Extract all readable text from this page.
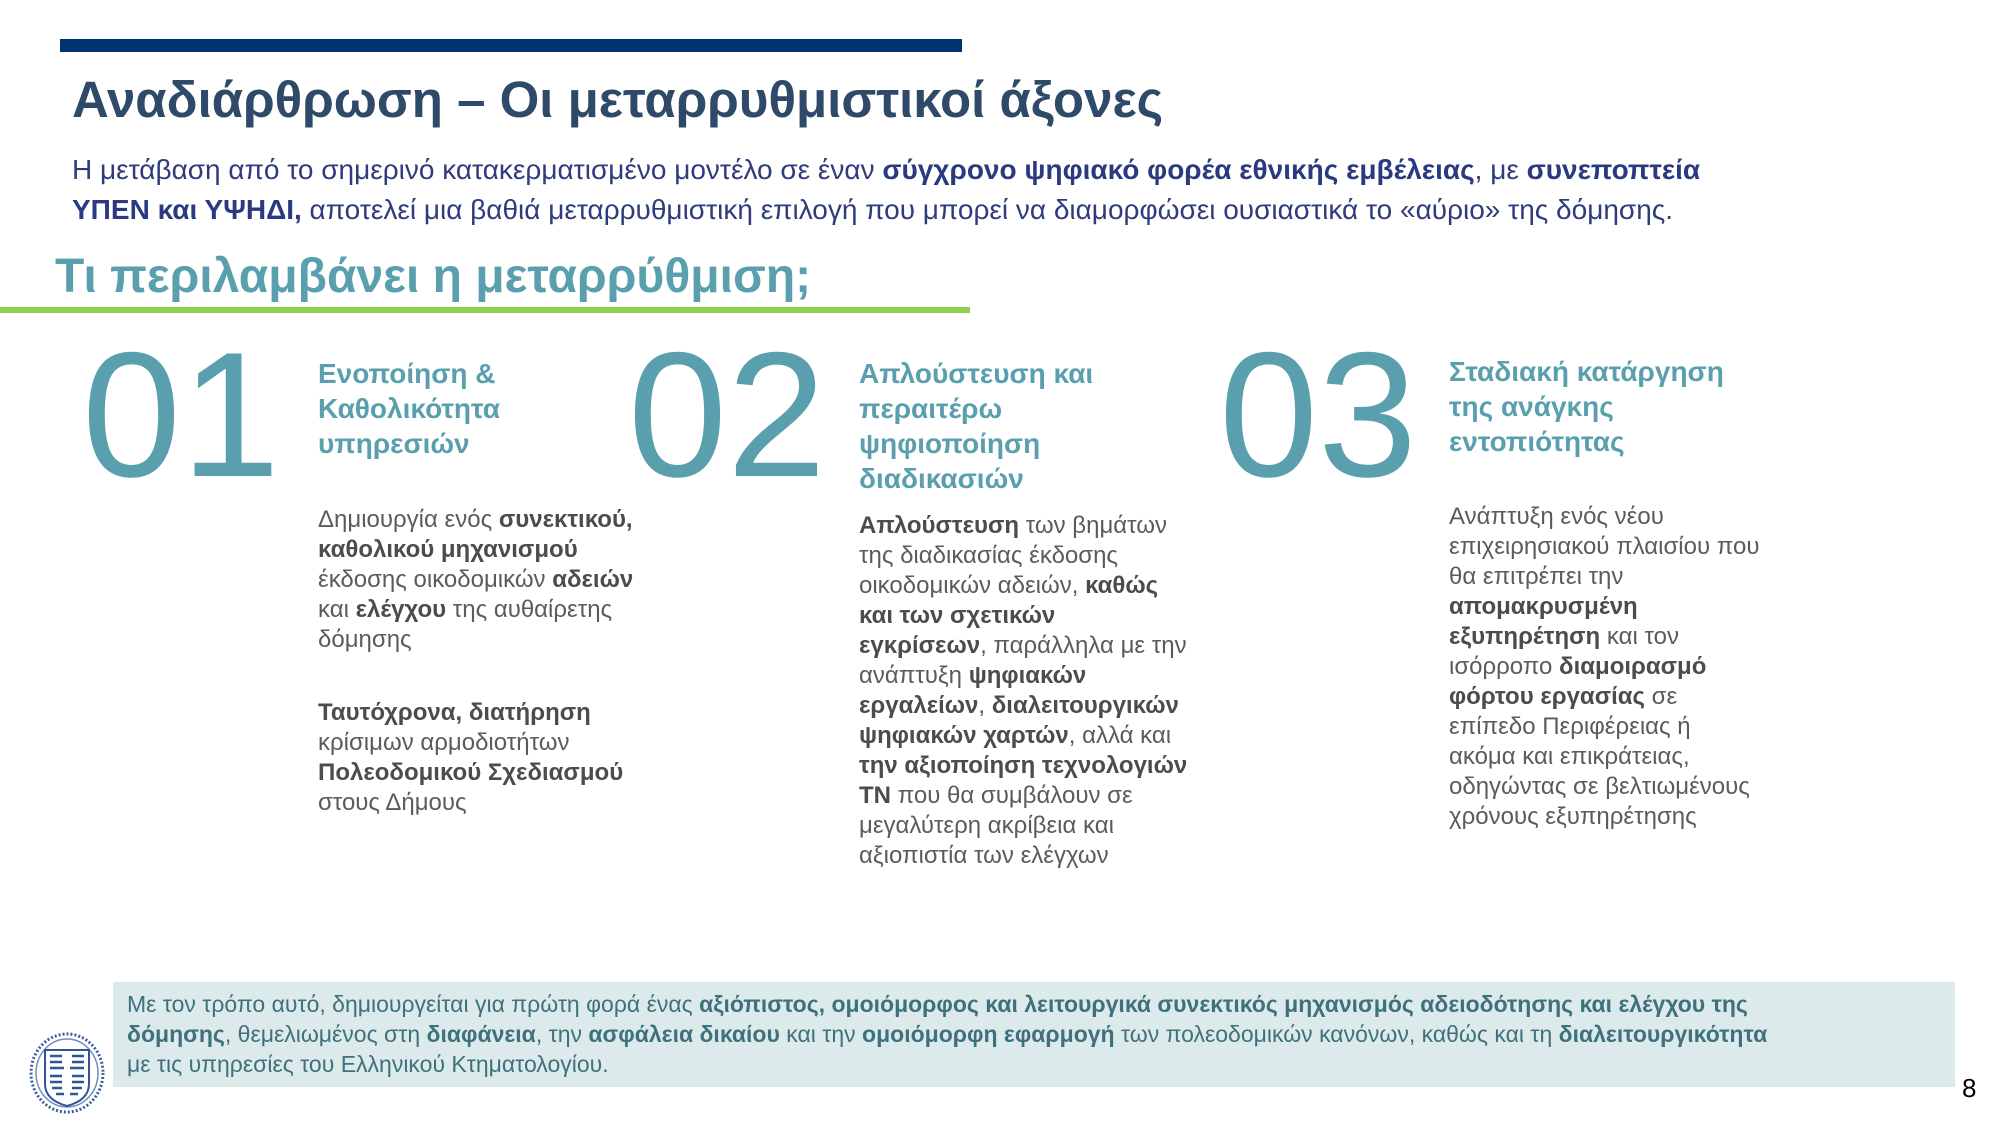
Αναδιάρθρωση – Οι μεταρρυθμιστικοί άξονες
Η μετάβαση από το σημερινό κατακερματισμένο μοντέλο σε έναν σύγχρονο ψηφιακό φορέα εθνικής εμβέλειας, με συνεποπτεία
ΥΠΕΝ και ΥΨΗΔΙ, αποτελεί μια βαθιά μεταρρυθμιστική επιλογή που μπορεί να διαμορφώσει ουσιαστικά το «αύριο» της δόμησης.
Τι περιλαμβάνει η μεταρρύθμιση;
01 Ενοποίηση &
Καθολικότητα
υπηρεσιών
Δημιουργία ενός συνεκτικού,
καθολικού μηχανισμού
έκδοσης οικοδομικών αδειών
και ελέγχου της αυθαίρετης
δόμησης
Ταυτόχρονα, διατήρηση
κρίσιμων αρμοδιοτήτων
Πολεοδομικού Σχεδιασμού
στους Δήμους
02 Απλούστευση και
περαιτέρω
ψηφιοποίηση
διαδικασιών
Απλούστευση των βημάτων
της διαδικασίας έκδοσης
οικοδομικών αδειών, καθώς
και των σχετικών
εγκρίσεων, παράλληλα με την
ανάπτυξη ψηφιακών
εργαλείων, διαλειτουργικών
ψηφιακών χαρτών, αλλά και
την αξιοποίηση τεχνολογιών
ΤΝ που θα συμβάλουν σε
μεγαλύτερη ακρίβεια και
αξιοπιστία των ελέγχων
03 Σταδιακή κατάργηση
της ανάγκης
εντοπιότητας
Ανάπτυξη ενός νέου
επιχειρησιακού πλαισίου που
θα επιτρέπει την
απομακρυσμένη
εξυπηρέτηση και τον
ισόρροπο διαμοιρασμό
φόρτου εργασίας σε
επίπεδο Περιφέρειας ή
ακόμα και επικράτειας,
οδηγώντας σε βελτιωμένους
χρόνους εξυπηρέτησης
Με τον τρόπο αυτό, δημιουργείται για πρώτη φορά ένας αξιόπιστος, ομοιόμορφος και λειτουργικά συνεκτικός μηχανισμός αδειοδότησης και ελέγχου της
δόμησης, θεμελιωμένος στη διαφάνεια, την ασφάλεια δικαίου και την ομοιόμορφη εφαρμογή των πολεοδομικών κανόνων, καθώς και τη διαλειτουργικότητα
με τις υπηρεσίες του Ελληνικού Κτηματολογίου.
8
